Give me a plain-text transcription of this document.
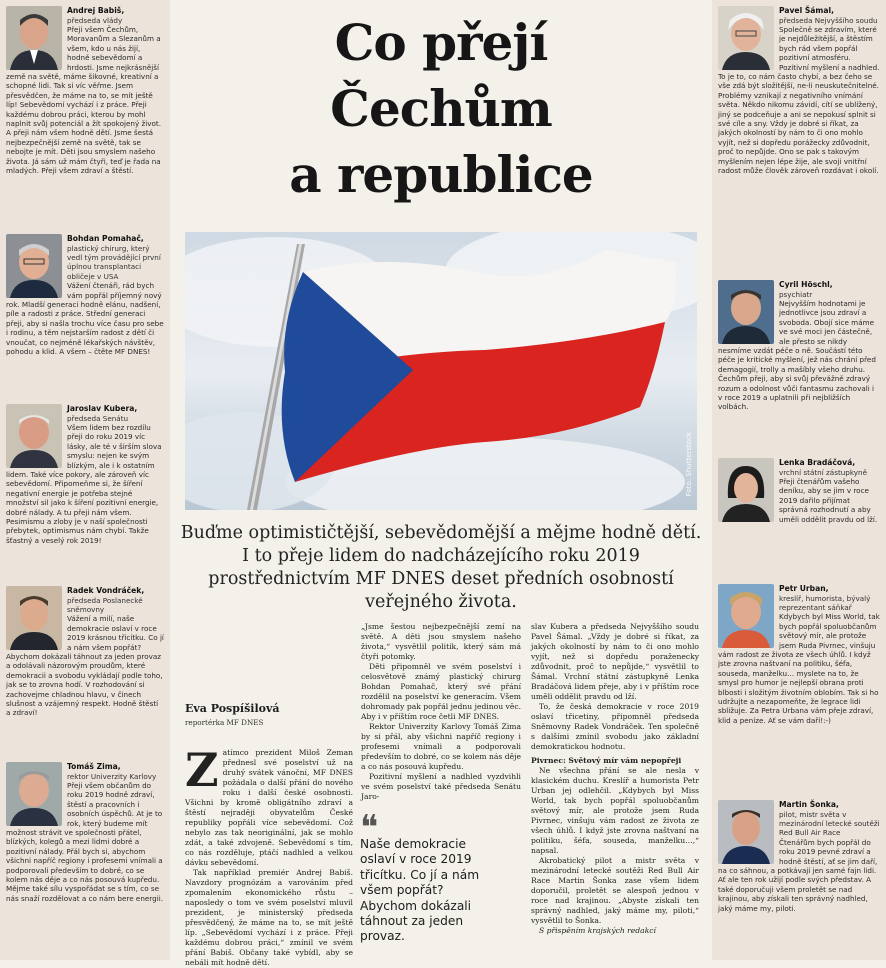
Andrej Babiš,
předseda vlády
Přeji všem Čechům, Moravanům a Slezanům a všem, kdo u nás žijí, hodně sebevědomí a hrdosti. Jsme nejkrásnější země na světě, máme šikovné, kreativní a schopné lidi. Tak si víc věřme. Jsem přesvědčen, že máme na to, se mít ještě líp! Sebevědomí vychází i z práce. Přeji každému dobrou práci, kterou by mohl naplnit svůj potenciál a žít spokojený život. A přeji nám všem hodně dětí. Jsme šestá nejbezpečnější země na světě, tak se nebojte je mít. Děti jsou smyslem našeho života. Já sám už mám čtyři, teď je řada na mladých. Přeji všem zdraví a štěstí.
Bohdan Pomahač,
plastický chirurg, který vedl tým provádějící první úplnou transplantaci obličeje v USA
Vážení čtenáři, rád bych vám popřál příjemný nový rok. Mladší generaci hodně elánu, nadšení, píle a radosti z práce. Střední generaci přeji, aby si našla trochu více času pro sebe i rodinu, a těm nejstarším radost z dětí či vnoučat, co nejméně lékařských návštěv, pohodu a klid. A všem – čtěte MF DNES!
Jaroslav Kubera,
předseda Senátu
Všem lidem bez rozdílu přeji do roku 2019 víc lásky, ale té v širším slova smyslu: nejen ke svým blízkým, ale i k ostatním lidem. Také více pokory, ale zároveň víc sebevědomí. Připomeňme si, že šíření negativní energie je potřeba stejné množství sil jako k šíření pozitivní energie, dobré nálady. A tu přeji nám všem. Pesimismu a zloby je v naší společnosti přebytek, optimismus nám chybí. Takže šťastný a veselý rok 2019!
Radek Vondráček,
předseda Poslanecké sněmovny
Vážení a milí, naše demokracie oslaví v roce 2019 krásnou třicítku. Co jí a nám všem popřát? Abychom dokázali táhnout za jeden provaz a odolávali názorovým proudům, které demokracii a svobodu vykládají podle toho, jak se to zrovna hodí. V rozhodování si zachovejme chladnou hlavu, v činech slušnost a vzájemný respekt. Hodně štěstí a zdraví!
Tomáš Zima,
rektor Univerzity Karlovy
Přeji všem občanům do roku 2019 hodně zdraví, štěstí a pracovních i osobních úspěchů. At je to rok, který budeme mít možnost strávit ve společnosti přátel, blízkých, kolegů a mezi lidmi dobré a pozitivní nálady. Přál bych si, abychom všichni napříč regiony i profesemi vnímali a podporovali především to dobré, co se kolem nás děje a co nás posouvá kupředu. Mějme také sílu vyspořádat se s tím, co se nás snaží rozdělovat a co nám bere energii.
Co přejí
Čechům
a republice
Foto: Shutterstock
Buďme optimističtější, sebevědomější a mějme hodně dětí.
I to přeje lidem do nadcházejícího roku 2019
prostřednictvím MF DNES deset předních osobností
veřejného života.
Eva Pospíšilová
reportérka MF DNES

Zatímco prezident Miloš Zeman přednesl své poselství už na druhý svátek vánoční, MF DNES požádala o další přání do nového roku i další české osobnosti. Všichni by kromě obligátního zdraví a štěstí nejraději obyvatelům České republiky popřáli více sebevědomí. Což nebylo zas tak neoriginální, jak se mohlo zdát, a také zdvojeně. Sebevědomí s tím, co nás rozděluje, ptáčí nadhled a velkou dávku sebevědomí.

Tak například premiér Andrej Babiš. Navzdory prognózám a varováním před zpomalením ekonomického růstu – naposledy o tom ve svém poselství mluvil prezident, je ministerský předseda přesvědčený, že máme na to, se mít ještě líp. „Sebevědomí vychází i z práce. Přeji každému dobrou práci,“ zmínil ve svém přání Babiš. Občany také vybídl, aby se nebáli mít hodně dětí.

„Jsme šestou nejbezpečnější zemí na světě. A děti jsou smyslem našeho života,“ vysvětlil politik, který sám má čtyři potomky.

Děti připomněl ve svém poselství i celosvětově známý plastický chirurg Bohdan Pomahač, který své přání rozdělil na poselství ke generacím. Všem dohromady pak popřál jednu jedinou věc. Aby i v příštím roce četli MF DNES.

Rektor Univerzity Karlovy Tomáš Zima by si přál, aby všichni napříč regiony i profesemi vnímali a podporovali především to dobré, co se kolem nás děje a co nás posouvá kupředu.

Pozitivní myšlení a nadhled vyzdvihli ve svém poselství také předseda Senátu Jaro-

❝
Naše demokracie oslaví v roce 2019 třicítku. Co jí a nám všem popřát? Abychom dokázali táhnout za jeden provaz.

slav Kubera a předseda Nejvyššího soudu Pavel Šámal. „Vždy je dobré si říkat, za jakých okolností by nám to či ono mohlo vyjít, než si dopředu poraženecky zdůvodnit, proč to nepůjde,“ vysvětlil to Šámal. Vrchní státní zástupkyně Lenka Bradáčová lidem přeje, aby i v příštím roce uměli oddělit pravdu od lží.

To, že česká demokracie v roce 2019 oslaví třicetiny, připomněl předseda Sněmovny Radek Vondráček. Ten společně s dalšími zmínil svobodu jako základní demokratickou hodnotu.

Pivrnec: Světový mír vám nepopřeji

Ne všechna přání se ale nesla v klasickém duchu. Kreslíř a humorista Petr Urban jej odlehčil. „Kdybych byl Miss World, tak bych popřál spoluobčanům světový mír, ale protože jsem Ruda Pivrnec, vinšuju vám radost ze života ze všech úhlů. I když jste zrovna naštvaní na politiku, šéfa, souseda, manželku…,“ napsal.

Akrobatický pilot a mistr světa v mezinárodní letecké soutěži Red Bull Air Race Martin Šonka zase všem lidem doporučil, proletět se alespoň jednou v roce nad krajinou. „Abyste získali ten správný nadhled, jaký máme my, piloti,“ vysvětlil to Šonka.

S přispěním krajských redakcí

Pavel Šámal,
předseda Nejvyššího soudu
Společně se zdravím, které je nejdůležitější, a štěstím bych rád všem popřál pozitivní atmosféru. Pozitivní myšlení a nadhled. To je to, co nám často chybí, a bez čeho se vše zdá být složitější, ne-li neuskutečnitelné. Problémy vznikají z negativního vnímání světa. Někdo nikomu závidí, cítí se ublížený, jiný se podceňuje a ani se nepokusí splnit si své cíle a sny. Vždy je dobré si říkat, za jakých okolností by nám to či ono mohlo vyjít, než si dopředu porážecky zdůvodnit, proč to nepůjde. Ono se pak s takovým myšlením nejen lépe žije, ale svoji vnitřní radost může člověk zároveň rozdávat i okolí.
Cyril Höschl,
psychiatr
Nejvyšším hodnotami je jednotlivce jsou zdraví a svoboda. Obojí sice máme ve své moci jen částečně, ale přesto se nikdy nesmíme vzdát péče o ně. Součástí této péče je kritické myšlení, jež nás chrání před demagogií, trolly a mašíbly všeho druhu. Čechům přeji, aby si svůj převážně zdravý rozum a odolnost vůči fantasmu zachovali i v roce 2019 a uplatnili při nejbližších volbách.
Lenka Bradáčová,
vrchní státní zástupkyně
Přeji čtenářům vašeho deníku, aby se jim v roce 2019 dařilo přijímat správná rozhodnutí a aby uměli oddělit pravdu od lží.
Petr Urban,
kreslíř, humorista, bývalý reprezentant sáňkař
Kdybych byl Miss World, tak bych popřál spoluobčanům světový mír, ale protože jsem Ruda Pivrnec, vinšuju vám radost ze života ze všech úhlů. I když jste zrovna naštvaní na politiku, šéfa, souseda, manželku… myslete na to, že smysl pro humor je nejlepší obrana proti blbosti i složitým životním oblobím. Tak si ho udržujte a nezapomeňte, že legrace lidi sbližuje. Za Petra Urbana vám přeje zdraví, klid a peníze. Ať se vám daří!:-)
Martin Šonka,
pilot, mistr světa v mezinárodní letecké soutěži Red Bull Air Race
Čtenářům bych popřál do roku 2019 pevné zdraví a hodně štěstí, ať se jim daří, na co sáhnou, a potkávají jen samé fajn lidi. Ať ale ten rok užijí podle svých představ. A také doporučuji všem proletět se nad krajinou, aby získali ten správný nadhled, jaký máme my, piloti.
